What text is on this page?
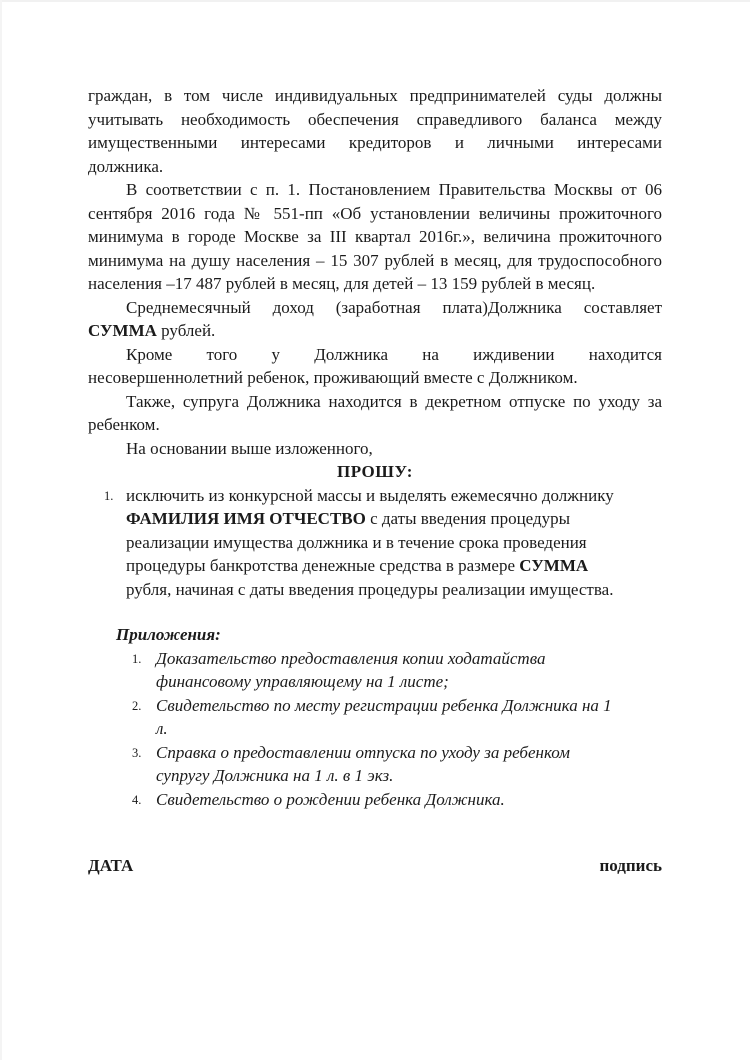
граждан, в том числе индивидуальных предпринимателей суды должны
учитывать необходимость обеспечения справедливого баланса между
имущественными интересами кредиторов и личными интересами
должника.
В соответствии с п. 1. Постановлением Правительства Москвы от 06
сентября 2016 года № 551-пп «Об установлении величины прожиточного
минимума в городе Москве за III квартал 2016г.», величина прожиточного
минимума на душу населения – 15 307 рублей в месяц, для трудоспособного
населения –17 487 рублей в месяц, для детей – 13 159 рублей в месяц.
Среднемесячный доход (заработная плата)Должника составляет
СУММА рублей.
Кроме того у Должника на иждивении находится
несовершеннолетний ребенок, проживающий вместе с Должником.
Также, супруга Должника находится в декретном отпуске по уходу за
ребенком.
На основании выше изложенного,
ПРОШУ:
1. исключить из конкурсной массы и выделять ежемесячно должнику
ФАМИЛИЯ ИМЯ ОТЧЕСТВО с даты введения процедуры
реализации имущества должника и в течение срока проведения
процедуры банкротства денежные средства в размере СУММА
рубля, начиная с даты введения процедуры реализации имущества.
Приложения:
1. Доказательство предоставления копии ходатайства
финансовому управляющему на 1 листе;
2. Свидетельство по месту регистрации ребенка Должника на 1
л.
3. Справка о предоставлении отпуска по уходу за ребенком
супругу Должника на 1 л. в 1 экз.
4. Свидетельство о рождении ребенка Должника.
ДАТА	подпись
